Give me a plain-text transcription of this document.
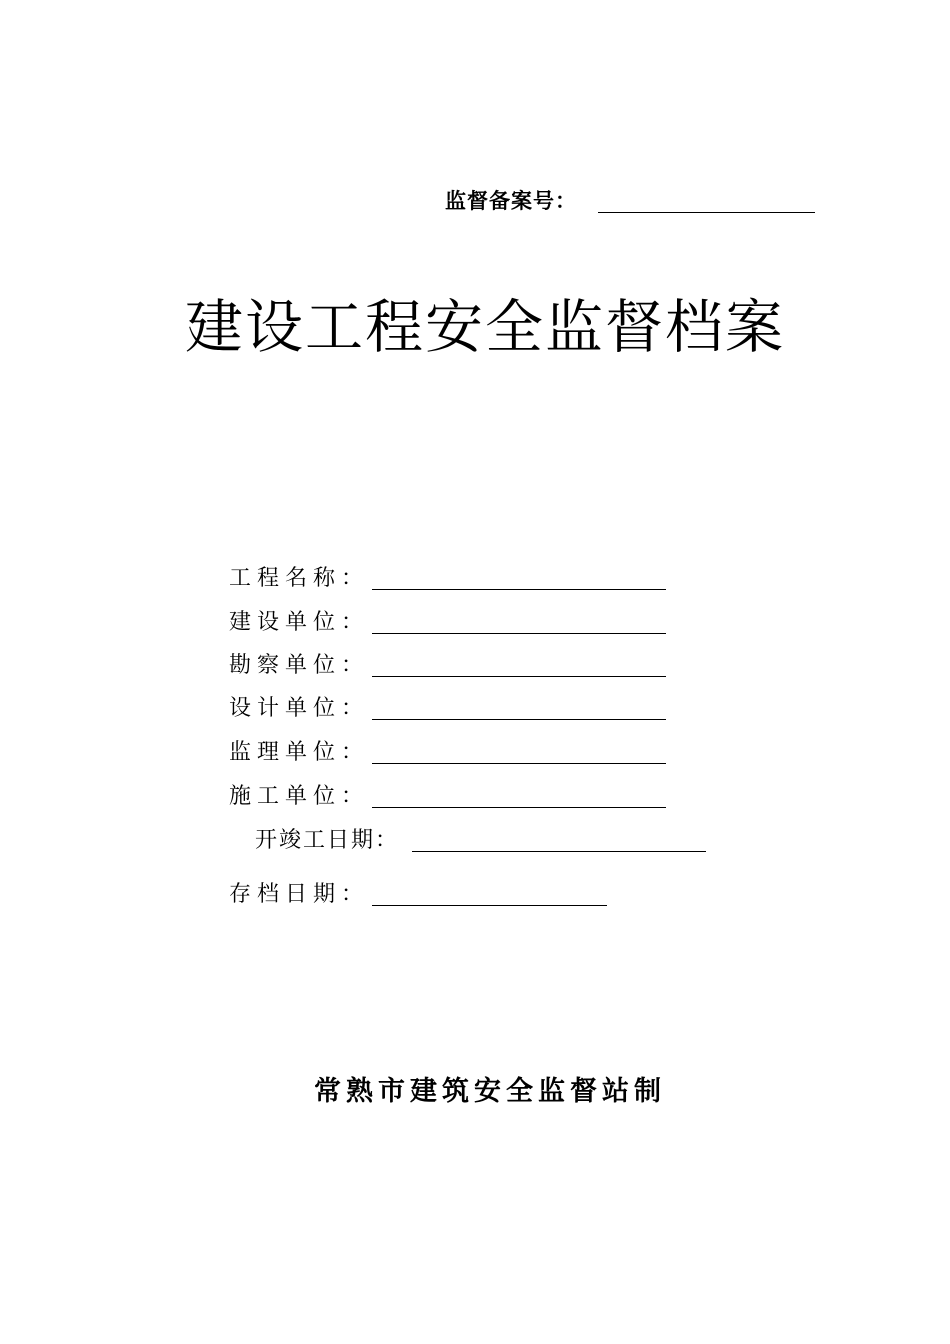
监督备案号：
建设工程安全监督档案
工程名称：
建设单位：
勘察单位：
设计单位：
监理单位：
施工单位：
开竣工日期：
存档日期：
常熟市建筑安全监督站制
